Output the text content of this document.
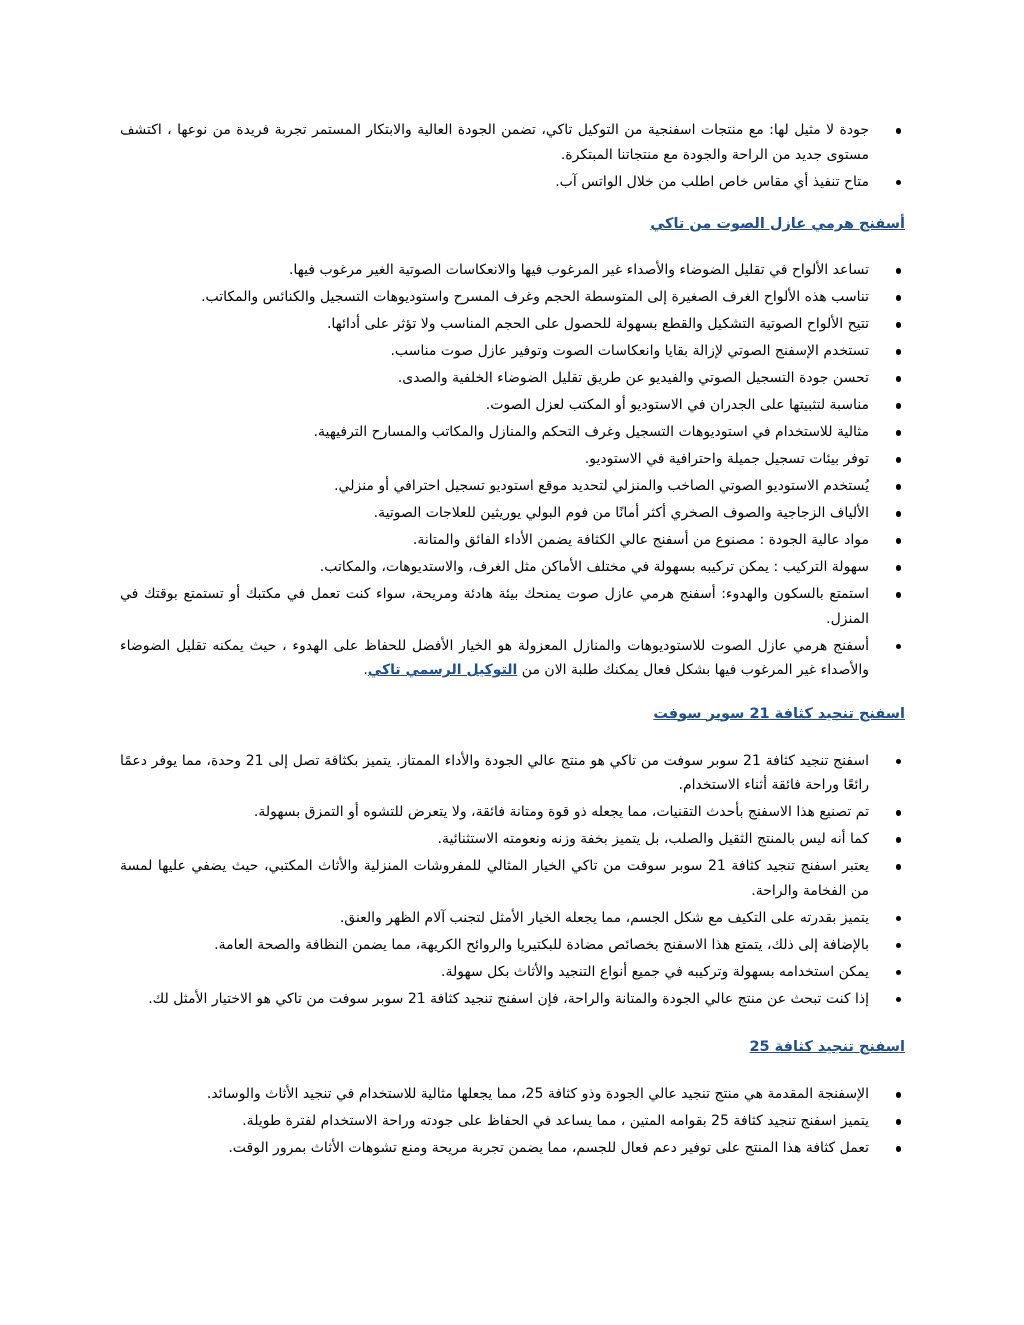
جودة لا مثيل لها: مع منتجات اسفنجية من التوكيل تاكي، تضمن الجودة العالية والابتكار المستمر تجربة فريدة من نوعها ، اكتشف مستوى جديد من الراحة والجودة مع منتجاتنا المبتكرة.
متاح تنفيذ أي مقاس خاص اطلب من خلال الواتس آب.
أسفنج هرمي عازل الصوت من تاكي
تساعد الألواح في تقليل الضوضاء والأصداء غير المرغوب فيها والانعكاسات الصوتية الغير مرغوب فيها.
تناسب هذه الألواح الغرف الصغيرة إلى المتوسطة الحجم وغرف المسرح واستوديوهات التسجيل والكنائس والمكاتب.
تتيح الألواح الصوتية التشكيل والقطع بسهولة للحصول على الحجم المناسب ولا تؤثر على أدائها.
تستخدم الإسفنج الصوتي لإزالة بقايا وانعكاسات الصوت وتوفير عازل صوت مناسب.
تحسن جودة التسجيل الصوتي والفيديو عن طريق تقليل الضوضاء الخلفية والصدى.
مناسبة لتثبيتها على الجدران في الاستوديو أو المكتب لعزل الصوت.
مثالية للاستخدام في استوديوهات التسجيل وغرف التحكم والمنازل والمكاتب والمسارح الترفيهية.
توفر بيئات تسجيل جميلة واحترافية في الاستوديو.
يُستخدم الاستوديو الصوتي الصاخب والمنزلي لتحديد موقع استوديو تسجيل احترافي أو منزلي.
الألياف الزجاجية والصوف الصخري أكثر أمانًا من فوم البولي يوريثين للعلاجات الصوتية.
مواد عالية الجودة : مصنوع من أسفنج عالي الكثافة يضمن الأداء الفائق والمتانة.
سهولة التركيب : يمكن تركيبه بسهولة في مختلف الأماكن مثل الغرف، والاستديوهات، والمكاتب.
استمتع بالسكون والهدوء: أسفنج هرمي عازل صوت يمنحك بيئة هادئة ومريحة، سواء كنت تعمل في مكتبك أو تستمتع بوقتك في المنزل.
أسفنج هرمي عازل الصوت للاستوديوهات والمنازل المعزولة هو الخيار الأفضل للحفاظ على الهدوء ، حيث يمكنه تقليل الضوضاء والأصداء غير المرغوب فيها بشكل فعال يمكنك طلبة الان من التوكيل الرسمي تاكي.
اسفنج تنجيد كثافة 21 سوبر سوفت
اسفنج تنجيد كثافة 21 سوبر سوفت من تاكي هو منتج عالي الجودة والأداء الممتاز. يتميز بكثافة تصل إلى 21 وحدة، مما يوفر دعمًا رائعًا وراحة فائقة أثناء الاستخدام.
تم تصنيع هذا الاسفنج بأحدث التقنيات، مما يجعله ذو قوة ومتانة فائقة، ولا يتعرض للتشوه أو التمزق بسهولة.
كما أنه ليس بالمنتج الثقيل والصلب، بل يتميز بخفة وزنه ونعومته الاستثنائية.
يعتبر اسفنج تنجيد كثافة 21 سوبر سوفت من تاكي الخيار المثالي للمفروشات المنزلية والأثاث المكتبي، حيث يضفي عليها لمسة من الفخامة والراحة.
يتميز بقدرته على التكيف مع شكل الجسم، مما يجعله الخيار الأمثل لتجنب آلام الظهر والعنق.
بالإضافة إلى ذلك، يتمتع هذا الاسفنج بخصائص مضادة للبكتيريا والروائح الكريهة، مما يضمن النظافة والصحة العامة.
يمكن استخدامه بسهولة وتركيبه في جميع أنواع التنجيد والأثاث بكل سهولة.
إذا كنت تبحث عن منتج عالي الجودة والمتانة والراحة، فإن اسفنج تنجيد كثافة 21 سوبر سوفت من تاكي هو الاختيار الأمثل لك.
اسفنج تنجيد كثافة 25
الإسفنجة المقدمة هي منتج تنجيد عالي الجودة وذو كثافة 25، مما يجعلها مثالية للاستخدام في تنجيد الأثاث والوسائد.
يتميز اسفنج تنجيد كثافة 25 بقوامه المتين ، مما يساعد في الحفاظ على جودته وراحة الاستخدام لفترة طويلة.
تعمل كثافة هذا المنتج على توفير دعم فعال للجسم، مما يضمن تجربة مريحة ومنع تشوهات الأثاث بمرور الوقت.
